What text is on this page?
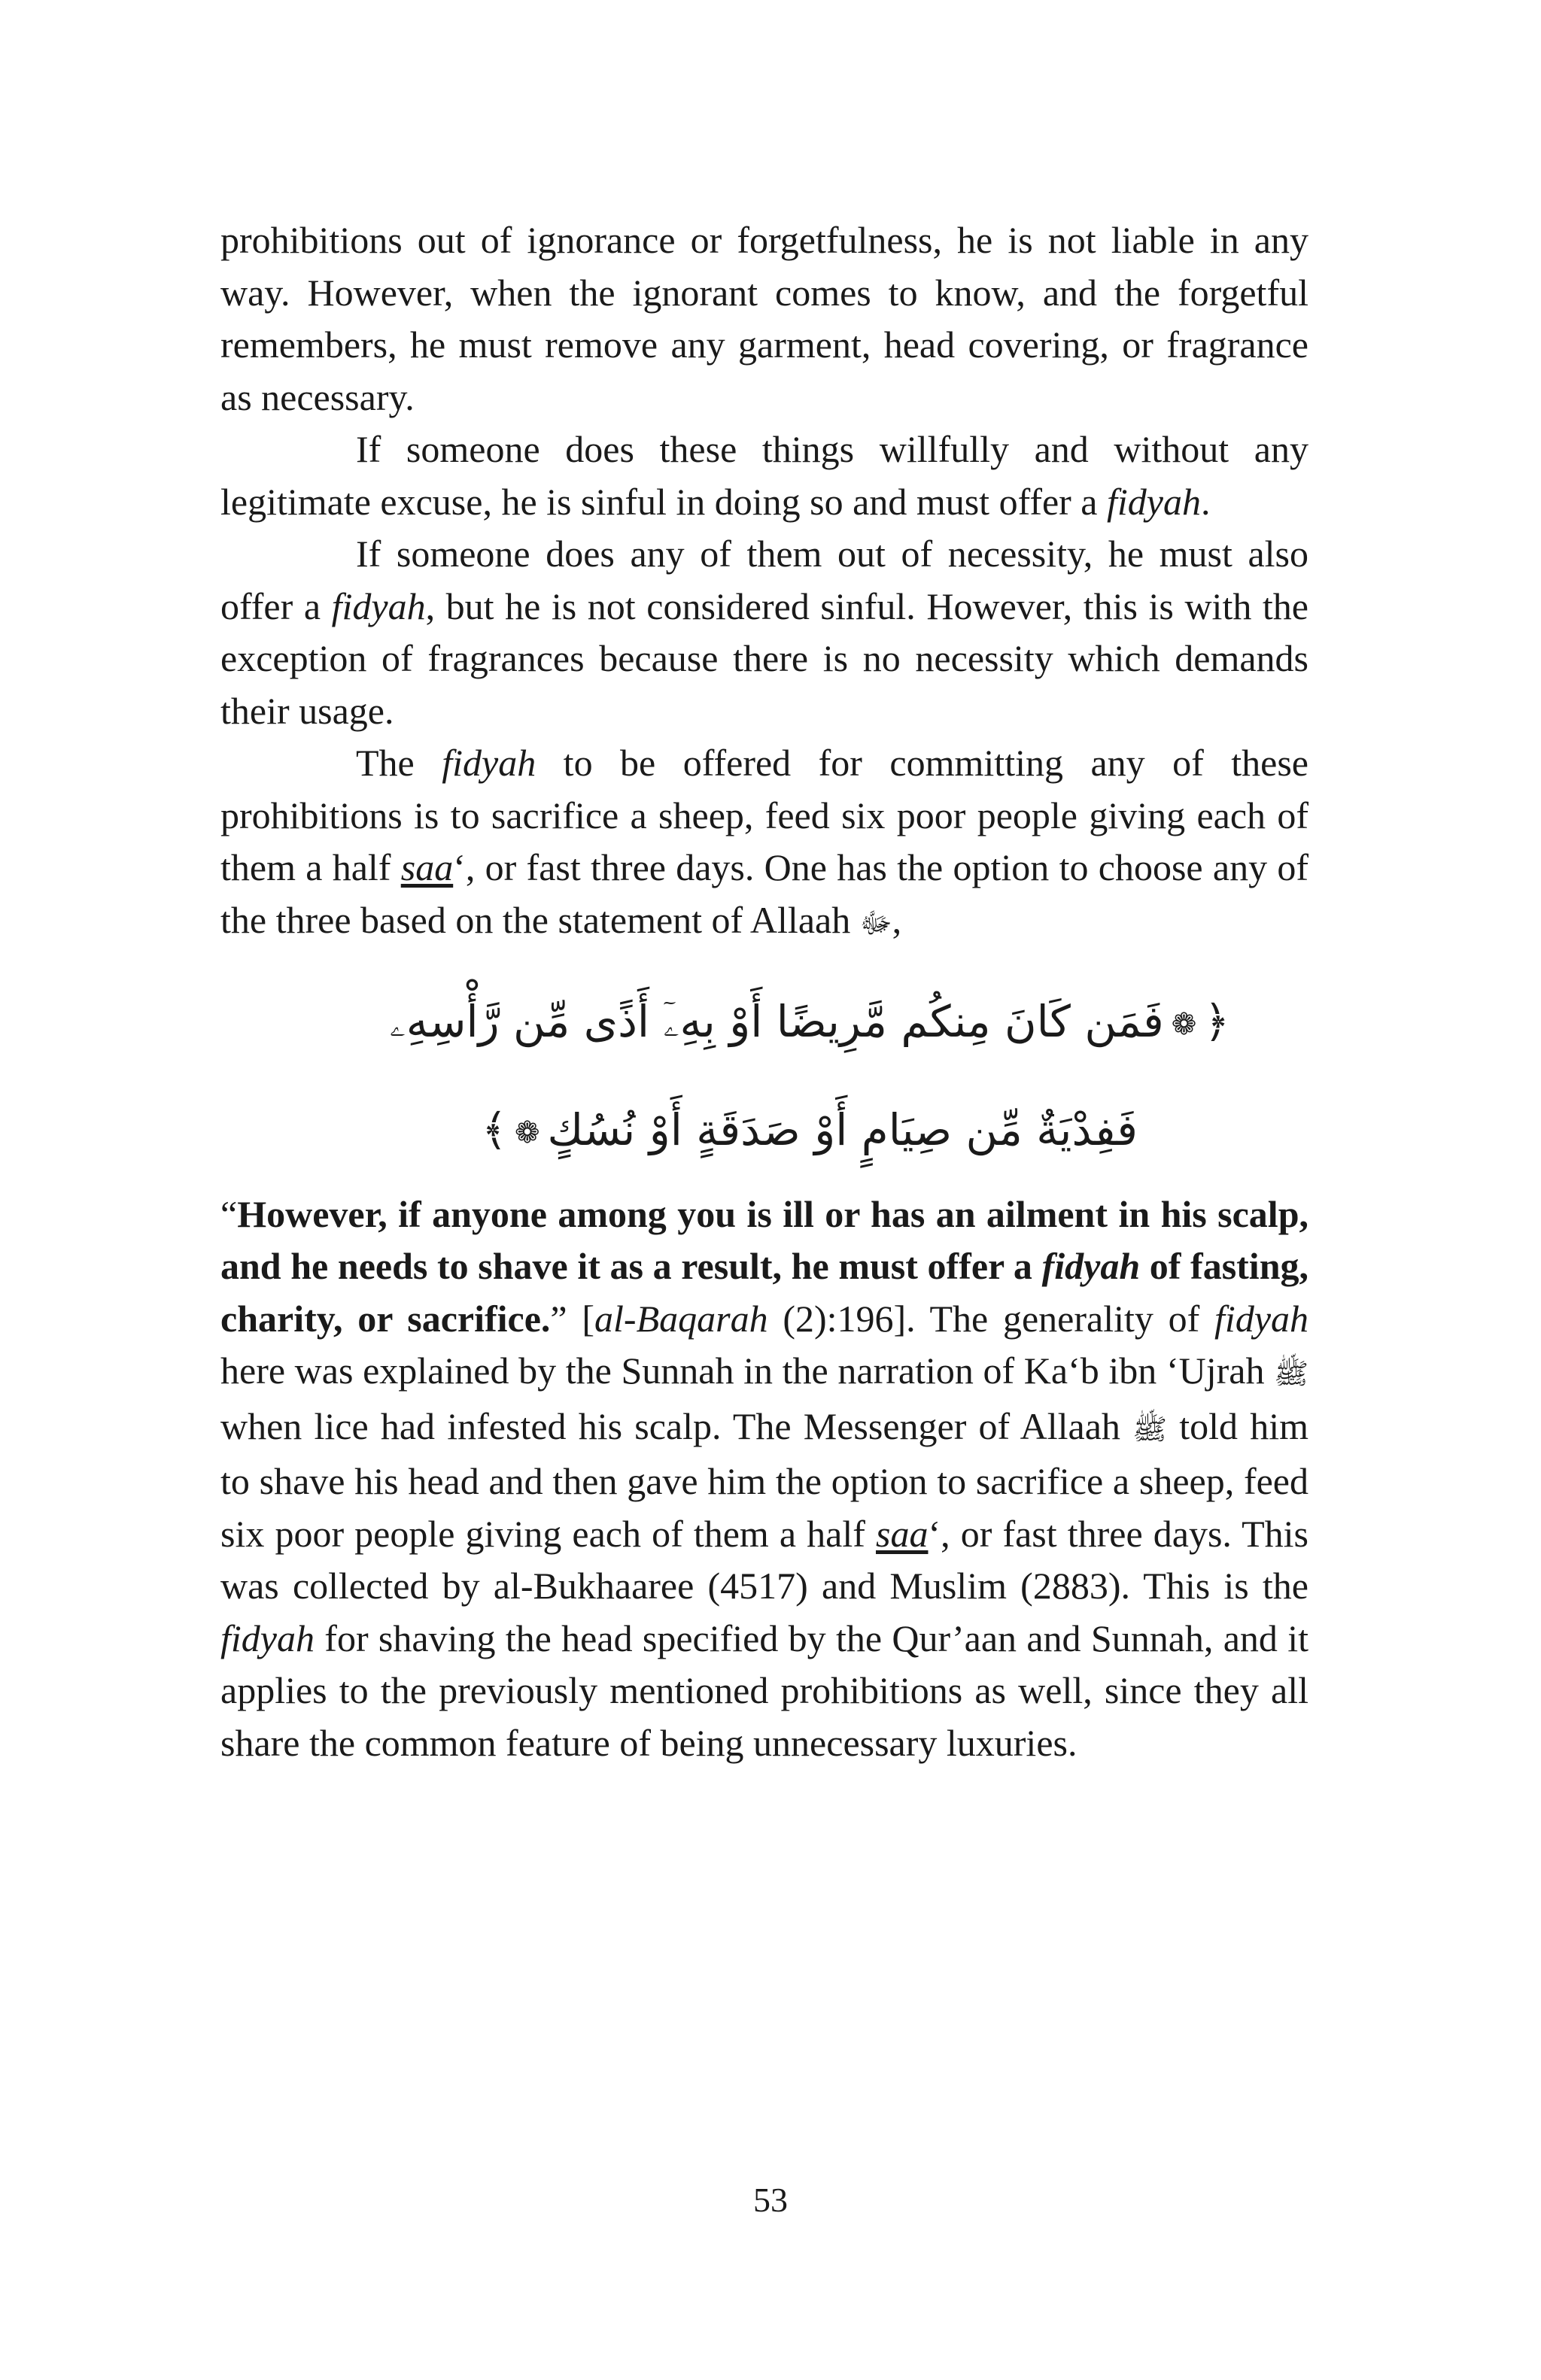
prohibitions out of ignorance or forgetfulness, he is not liable in any way. However, when the ignorant comes to know, and the forgetful remembers, he must remove any garment, head covering, or fragrance as necessary.

If someone does these things willfully and without any legitimate excuse, he is sinful in doing so and must offer a fidyah.

If someone does any of them out of necessity, he must also offer a fidyah, but he is not considered sinful. However, this is with the exception of fragrances because there is no necessity which demands their usage.

The fidyah to be offered for committing any of these prohibitions is to sacrifice a sheep, feed six poor people giving each of them a half saa‘, or fast three days. One has the option to choose any of the three based on the statement of Allaah ﷻ,

﴿❁فَمَن كَانَ مِنكُم مَّرِيضًا أَوْ بِهِۦٓ أَذًى مِّن رَّأْسِهِۦ
فَفِدْيَةٌ مِّن صِيَامٍ أَوْ صَدَقَةٍ أَوْ نُسُكٍ❁﴾

“However, if anyone among you is ill or has an ailment in his scalp, and he needs to shave it as a result, he must offer a fidyah of fasting, charity, or sacrifice.” [al-Baqarah (2):196]. The generality of fidyah here was explained by the Sunnah in the narration of Ka‘b ibn ‘Ujrah ﷺ when lice had infested his scalp. The Messenger of Allaah ﷺ told him to shave his head and then gave him the option to sacrifice a sheep, feed six poor people giving each of them a half saa‘, or fast three days. This was collected by al-Bukhaaree (4517) and Muslim (2883). This is the fidyah for shaving the head specified by the Qur’aan and Sunnah, and it applies to the previously mentioned prohibitions as well, since they all share the common feature of being unnecessary luxuries.

53
